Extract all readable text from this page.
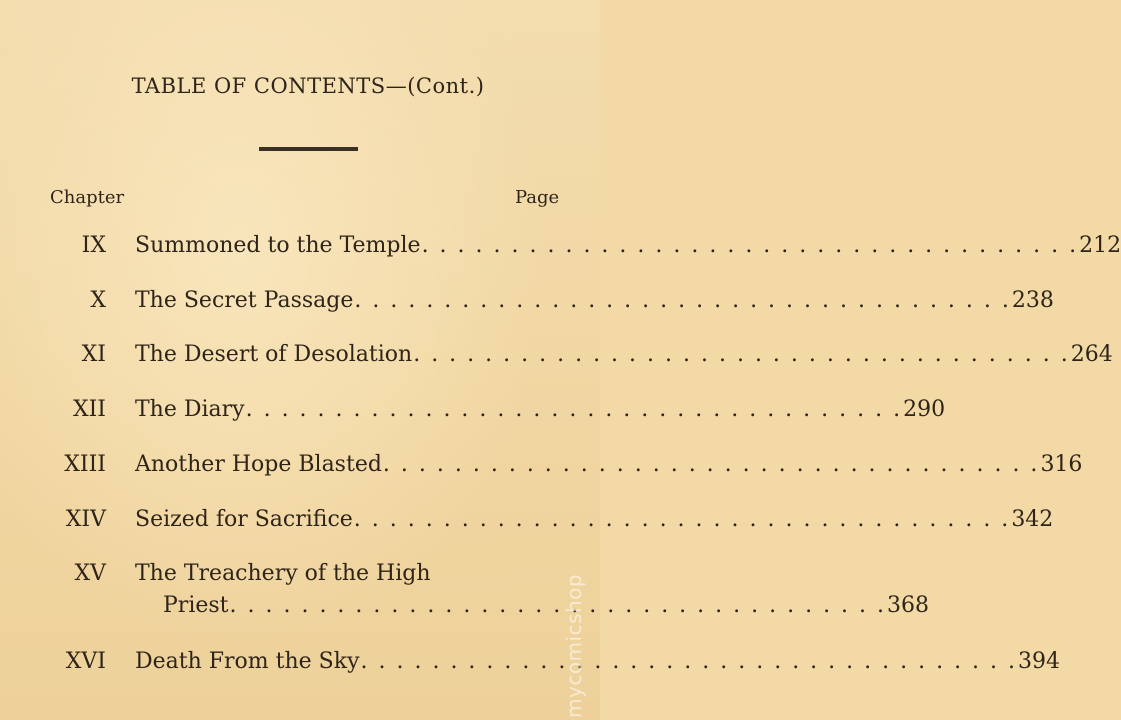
TABLE OF CONTENTS—(Cont.)
Chapter	Page
IX Summoned to the Temple . . . . . . . . . . . . . . . . . . . . . . . . . . . . . . . . . . . . . 212
X The Secret Passage . . . . . . . . . . . . . . . . . . . . . . . . . . . . . . . . . . . . . 238
XI The Desert of Desolation . . . . . . . . . . . . . . . . . . . . . . . . . . . . . . . . . . . . . 264
XII The Diary . . . . . . . . . . . . . . . . . . . . . . . . . . . . . . . . . . . . . 290
XIII Another Hope Blasted . . . . . . . . . . . . . . . . . . . . . . . . . . . . . . . . . . . . . 316
XIV Seized for Sacrifice . . . . . . . . . . . . . . . . . . . . . . . . . . . . . . . . . . . . . 342
XV The Treachery of the High
Priest . . . . . . . . . . . . . . . . . . . . . . . . . . . . . . . . . . . . . 368
XVI Death From the Sky . . . . . . . . . . . . . . . . . . . . . . . . . . . . . . . . . . . . . 394
mycomicshop
